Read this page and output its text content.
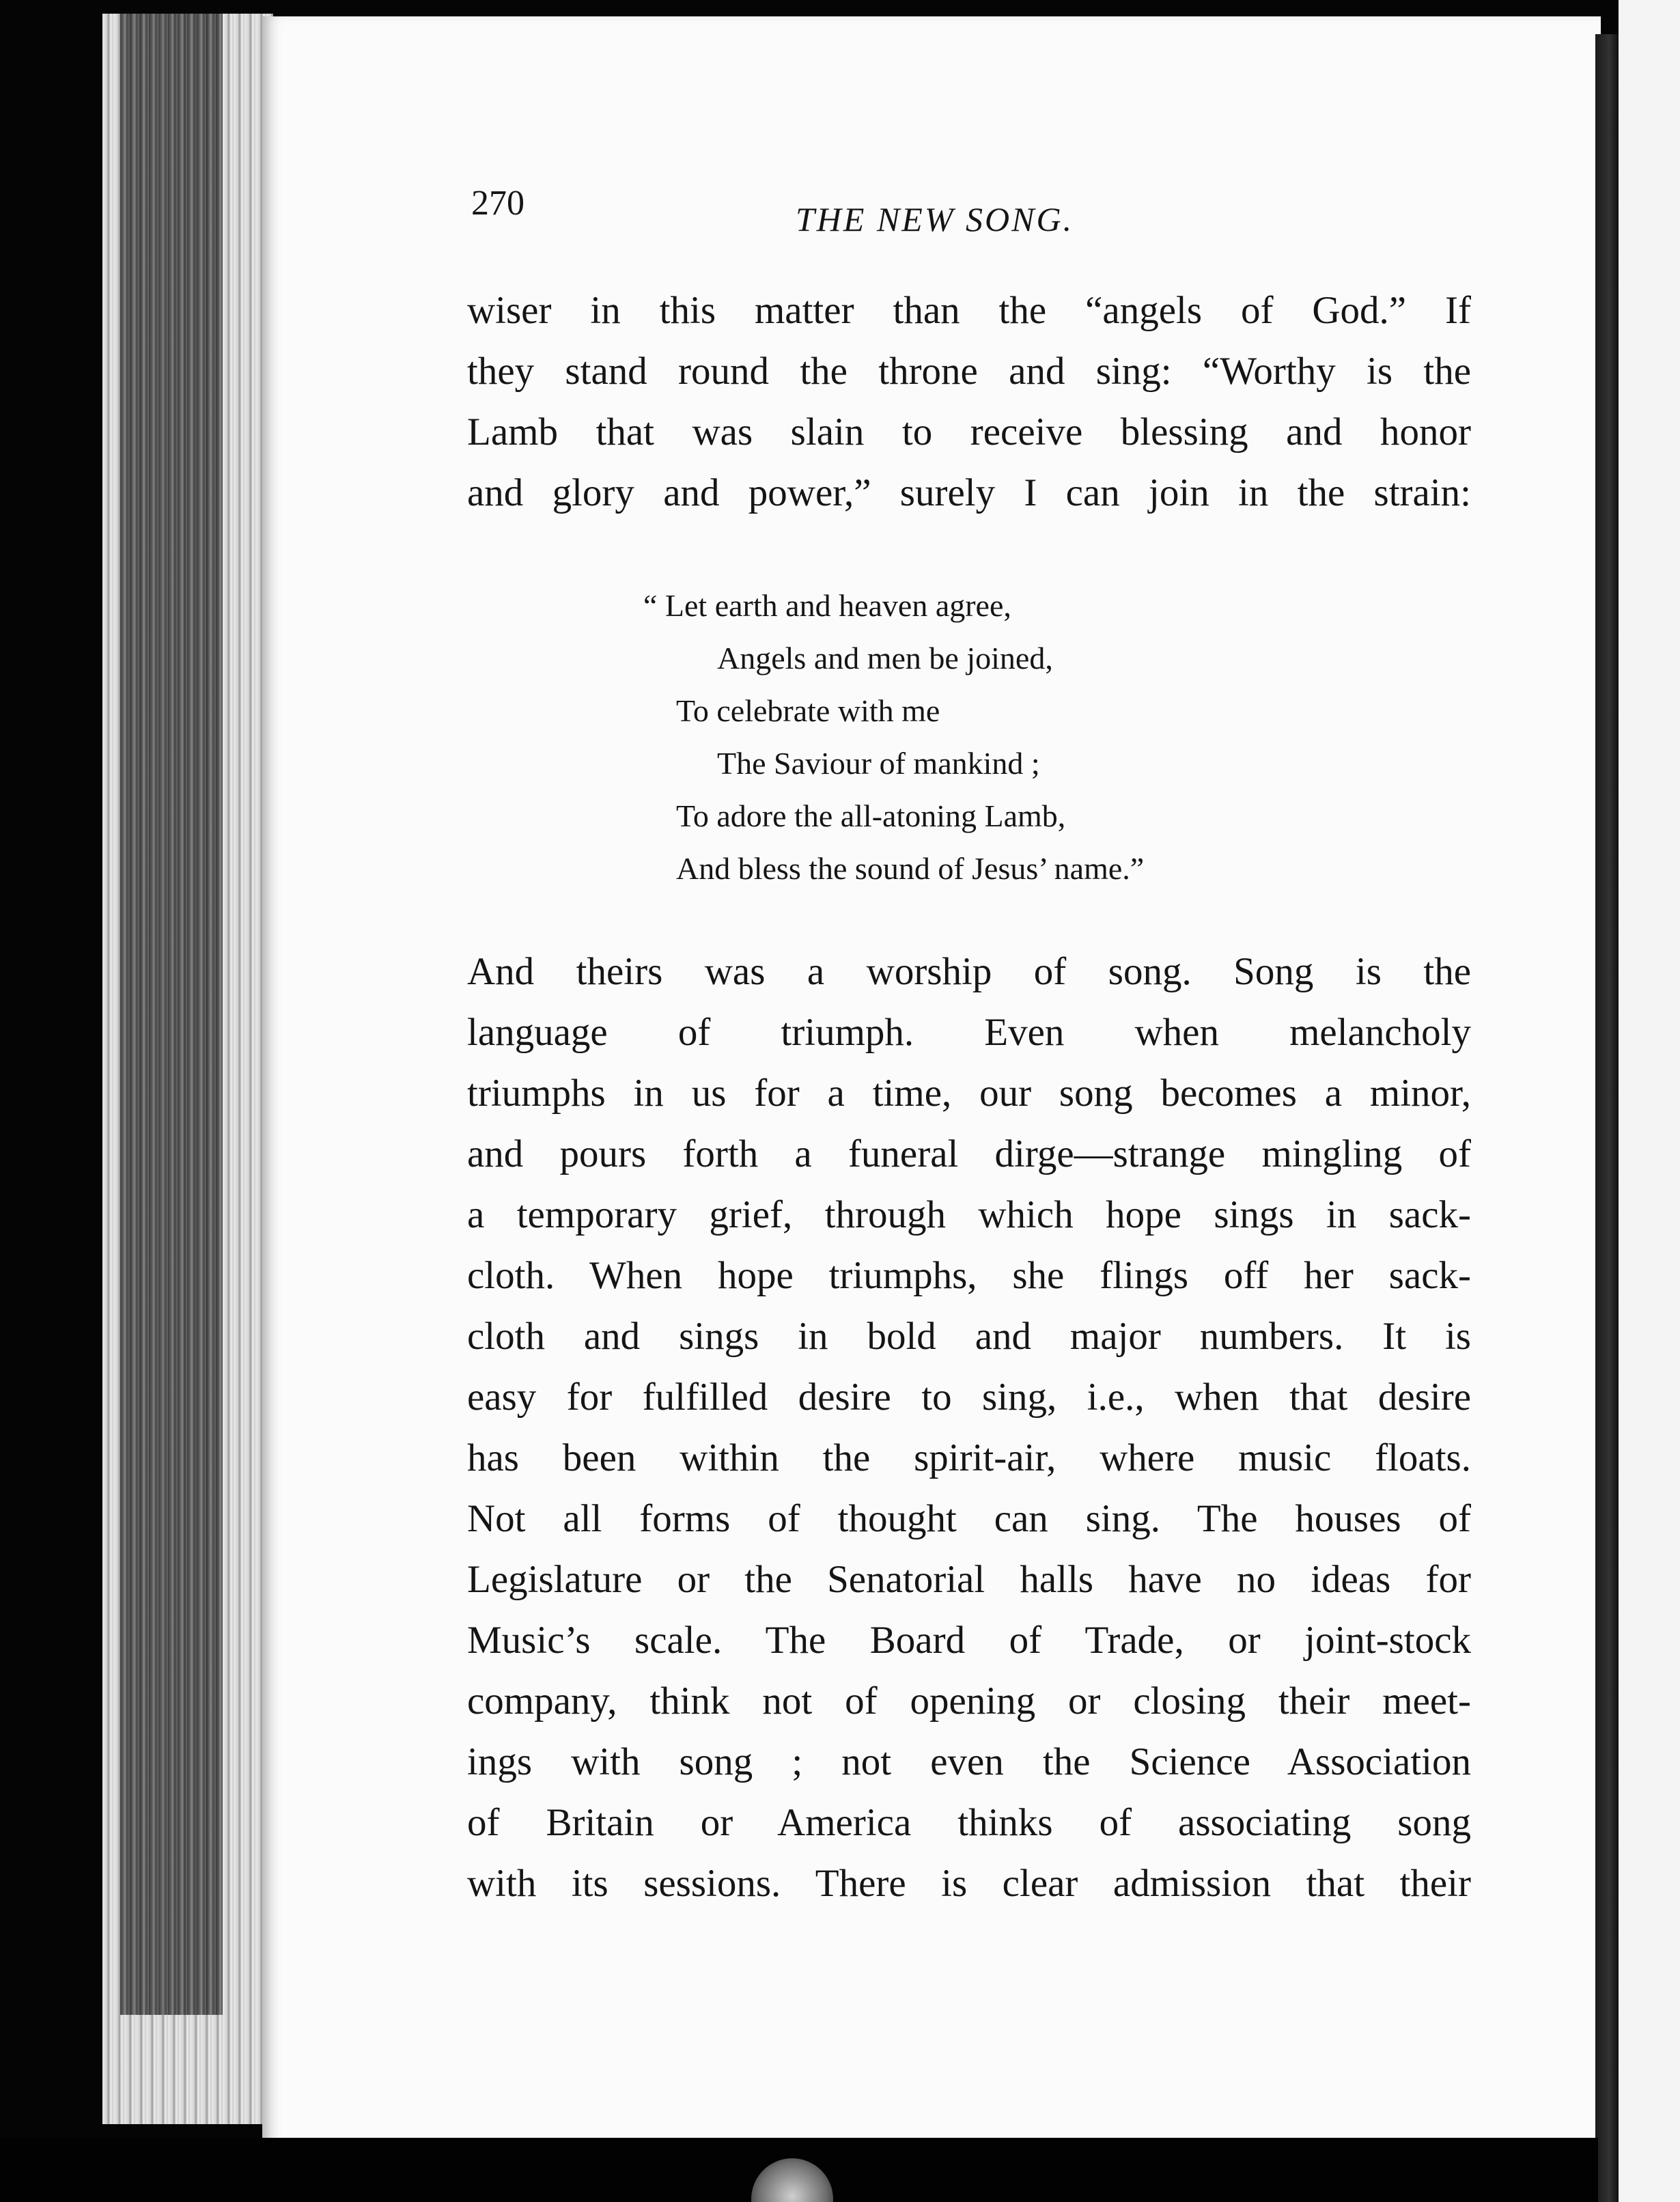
270	THE NEW SONG.
wiser in this matter than the “angels of God.” If
they stand round the throne and sing: “Worthy is the
Lamb that was slain to receive blessing and honor
and glory and power,” surely I can join in the strain:
“ Let earth and heaven agree,
Angels and men be joined,
To celebrate with me
The Saviour of mankind ;
To adore the all-atoning Lamb,
And bless the sound of Jesus’ name.”
And theirs was a worship of song. Song is the
language of triumph. Even when melancholy
triumphs in us for a time, our song becomes a minor,
and pours forth a funeral dirge—strange mingling of
a temporary grief, through which hope sings in sack-
cloth. When hope triumphs, she flings off her sack-
cloth and sings in bold and major numbers. It is
easy for fulfilled desire to sing, i.e., when that desire
has been within the spirit-air, where music floats.
Not all forms of thought can sing. The houses of
Legislature or the Senatorial halls have no ideas for
Music’s scale. The Board of Trade, or joint-stock
company, think not of opening or closing their meet-
ings with song ; not even the Science Association
of Britain or America thinks of associating song
with its sessions. There is clear admission that their
